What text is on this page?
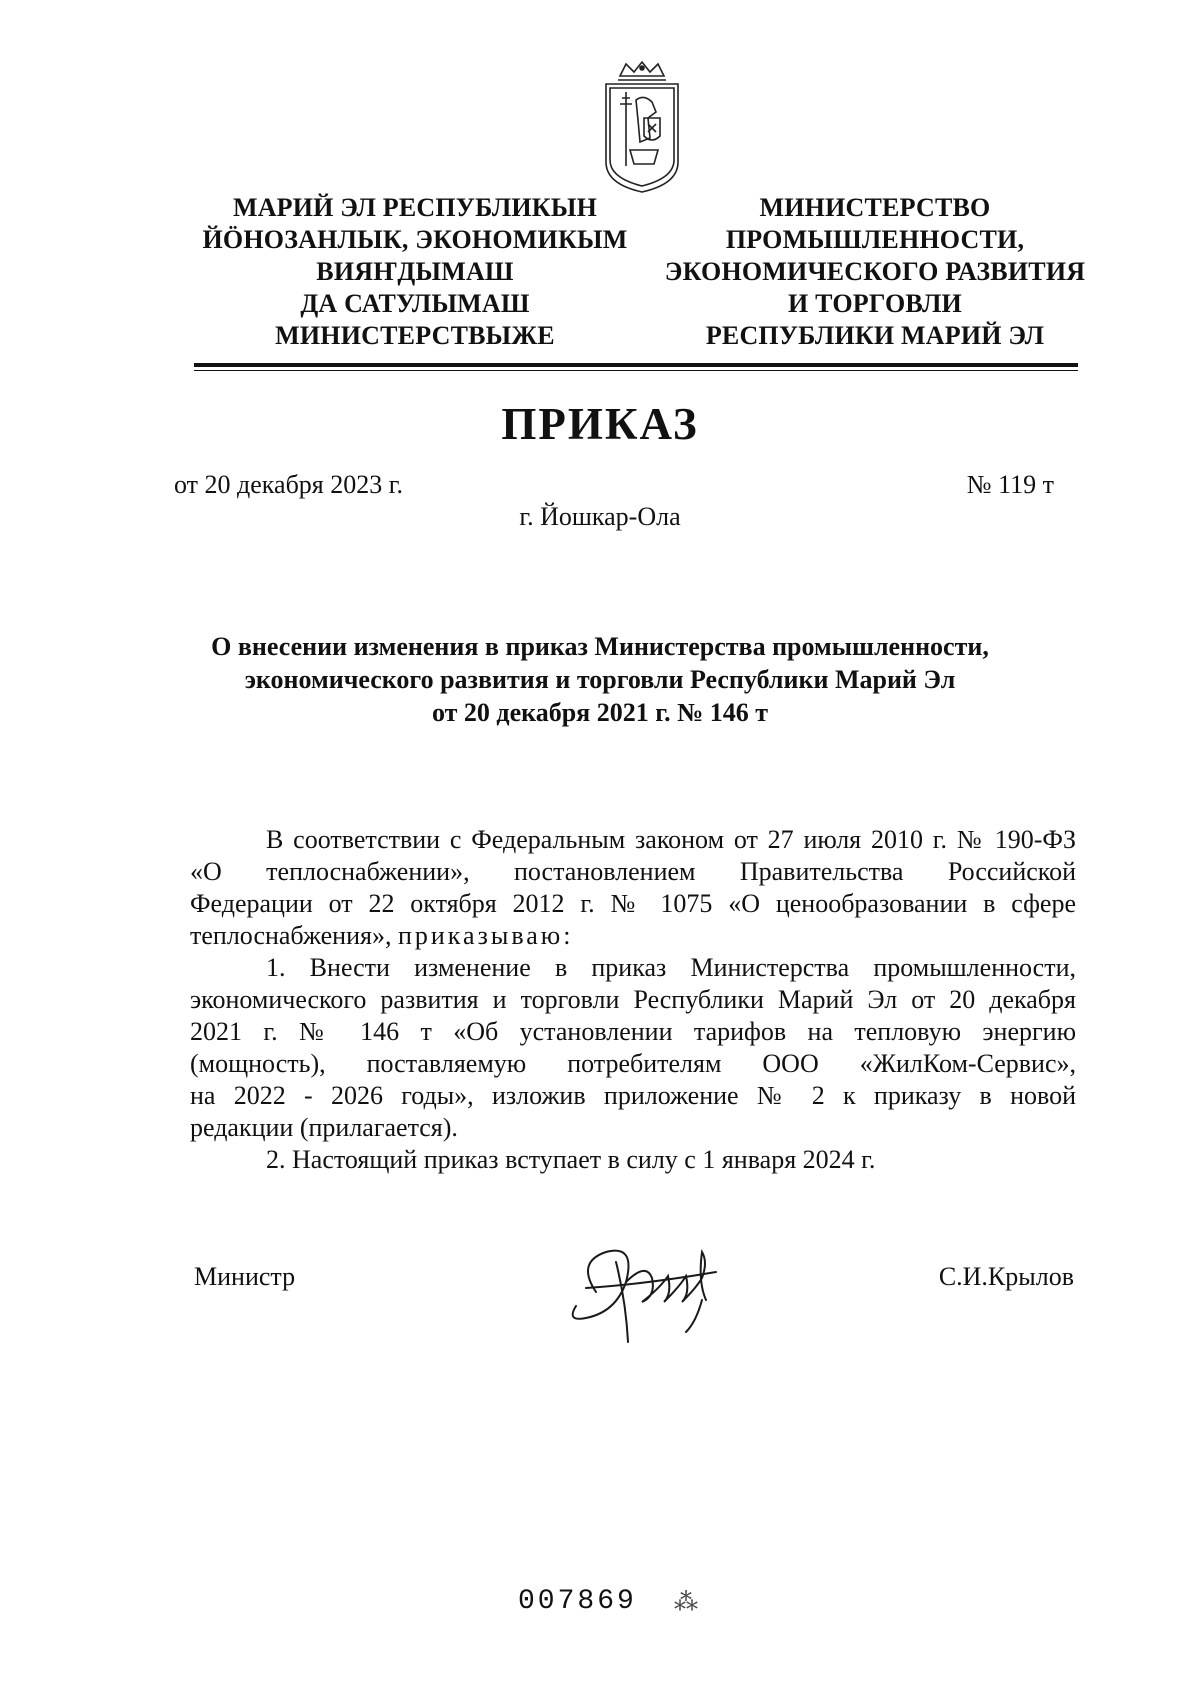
МАРИЙ ЭЛ РЕСПУБЛИКЫН
ЙӦНОЗАНЛЫК, ЭКОНОМИКЫМ
ВИЯҤДЫМАШ
ДА САТУЛЫМАШ
МИНИСТЕРСТВЫЖЕ
МИНИСТЕРСТВО
ПРОМЫШЛЕННОСТИ,
ЭКОНОМИЧЕСКОГО РАЗВИТИЯ
И ТОРГОВЛИ
РЕСПУБЛИКИ МАРИЙ ЭЛ
ПРИКАЗ
от 20 декабря 2023 г.	№ 119 т
г. Йошкар-Ола
О внесении изменения в приказ Министерства промышленности,
экономического развития и торговли Республики Марий Эл
от 20 декабря 2021 г. № 146 т
В соответствии с Федеральным законом от 27 июля 2010 г. № 190-ФЗ
«О теплоснабжении», постановлением Правительства Российской
Федерации от 22 октября 2012 г. № 1075 «О ценообразовании в сфере
теплоснабжения», приказываю:
1. Внести изменение в приказ Министерства промышленности,
экономического развития и торговли Республики Марий Эл от 20 декабря
2021 г. № 146 т «Об установлении тарифов на тепловую энергию
(мощность), поставляемую потребителям ООО «ЖилКом-Сервис»,
на 2022 - 2026 годы», изложив приложение № 2 к приказу в новой
редакции (прилагается).
2. Настоящий приказ вступает в силу с 1 января 2024 г.
Министр	С.И.Крылов
007869 ⁂
